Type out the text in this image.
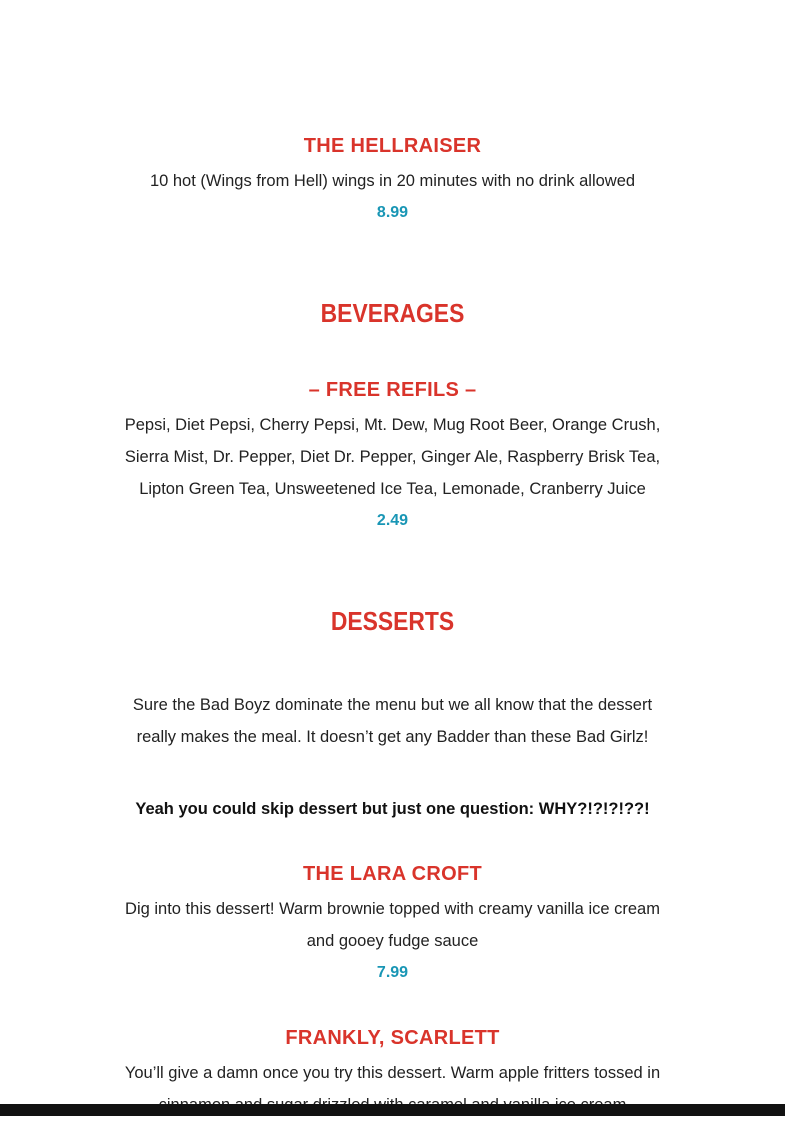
THE HELLRAISER
10 hot (Wings from Hell) wings in 20 minutes with no drink allowed
8.99
BEVERAGES
– FREE REFILS –

Pepsi, Diet Pepsi, Cherry Pepsi, Mt. Dew, Mug Root Beer, Orange Crush,

Sierra Mist, Dr. Pepper, Diet Dr. Pepper, Ginger Ale, Raspberry Brisk Tea,

Lipton Green Tea, Unsweetened Ice Tea, Lemonade, Cranberry Juice

2.49
DESSERTS

Sure the Bad Boyz dominate the menu but we all know that the dessert

really makes the meal. It doesn’t get any Badder than these Bad Girlz!

Yeah you could skip dessert but just one question: WHY?!?!?!??!
THE LARA CROFT

Dig into this dessert! Warm brownie topped with creamy vanilla ice cream

and gooey fudge sauce

7.99
FRANKLY, SCARLETT

You’ll give a damn once you try this dessert. Warm apple fritters tossed in
